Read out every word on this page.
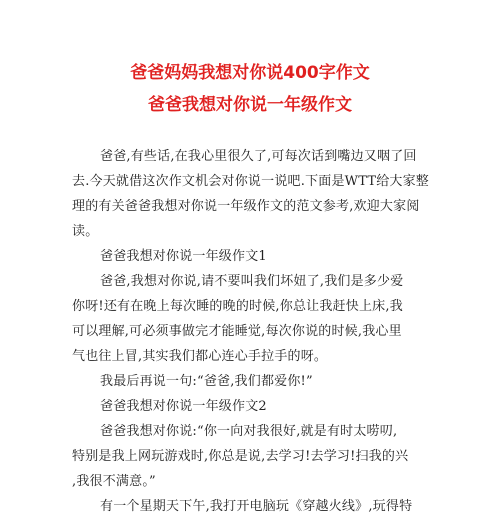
爸爸妈妈我想对你说400字作文
爸爸我想对你说一年级作文
爸爸,有些话,在我心里很久了,可每次话到嘴边又咽了回
去.今天就借这次作文机会对你说一说吧.下面是WTT给大家整
理的有关爸爸我想对你说一年级作文的范文参考,欢迎大家阅
读。
爸爸我想对你说一年级作文1
爸爸,我想对你说,请不要叫我们坏妞了,我们是多少爱
你呀!还有在晚上每次睡的晚的时候,你总让我赶快上床,我
可以理解,可必须事做完才能睡觉,每次你说的时候,我心里
气也往上冒,其实我们都心连心手拉手的呀。
我最后再说一句:“爸爸,我们都爱你!”
爸爸我想对你说一年级作文2
爸爸我想对你说:“你一向对我很好,就是有时太唠叨,
特别是我上网玩游戏时,你总是说,去学习!去学习!扫我的兴
,我很不满意。”
有一个星期天下午,我打开电脑玩《穿越火线》,玩得特
